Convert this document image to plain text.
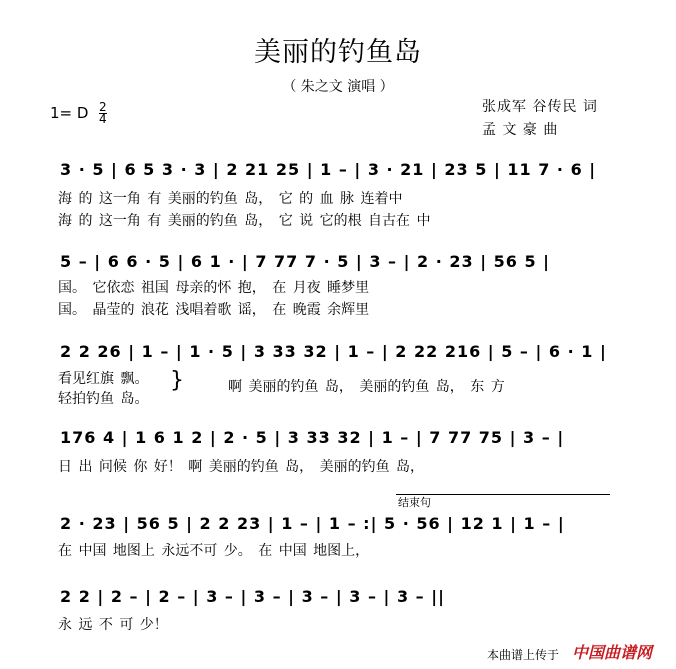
美丽的钓鱼岛
（ 朱之文 演唱 ）
1= D 2
4
张成军 谷传民 词
孟 文 豪 曲
3 · 5 | 6 5 3 · 3 | 2 21 25 | 1 – | 3 · 21 | 23 5 | 11 7 · 6 |
海 的 这一角 有 美丽的钓鱼 岛， 它 的 血 脉 连着中
海 的 这一角 有 美丽的钓鱼 岛， 它 说 它的根 自古在 中
5 – | 6 6 · 5 | 6 1 · | 7 77 7 · 5 | 3 – | 2 · 23 | 56 5 |
国。 它依恋 祖国 母亲的怀 抱， 在 月夜 睡梦里
国。 晶莹的 浪花 浅唱着歌 谣， 在 晚霞 余辉里
2 2 26 | 1 – | 1 · 5 | 3 33 32 | 1 – | 2 22 216 | 5 – | 6 · 1 |
看见红旗 飘。
轻拍钓鱼 岛。
}	啊 美丽的钓鱼 岛， 美丽的钓鱼 岛， 东 方
176 4 | 1 6 1 2 | 2 · 5 | 3 33 32 | 1 – | 7 77 75 | 3 – |
日 出 问候 你 好！ 啊 美丽的钓鱼 岛， 美丽的钓鱼 岛，
结束句
2 · 23 | 56 5 | 2 2 23 | 1 – | 1 – :| 5 · 56 | 12 1 | 1 – |
在 中国 地图上 永远不可 少。 在 中国 地图上，
2 2 | 2 – | 2 – | 3 – | 3 – | 3 – | 3 – | 3 – ||
永 远 不 可 少！
本曲谱上传于 中国曲谱网
